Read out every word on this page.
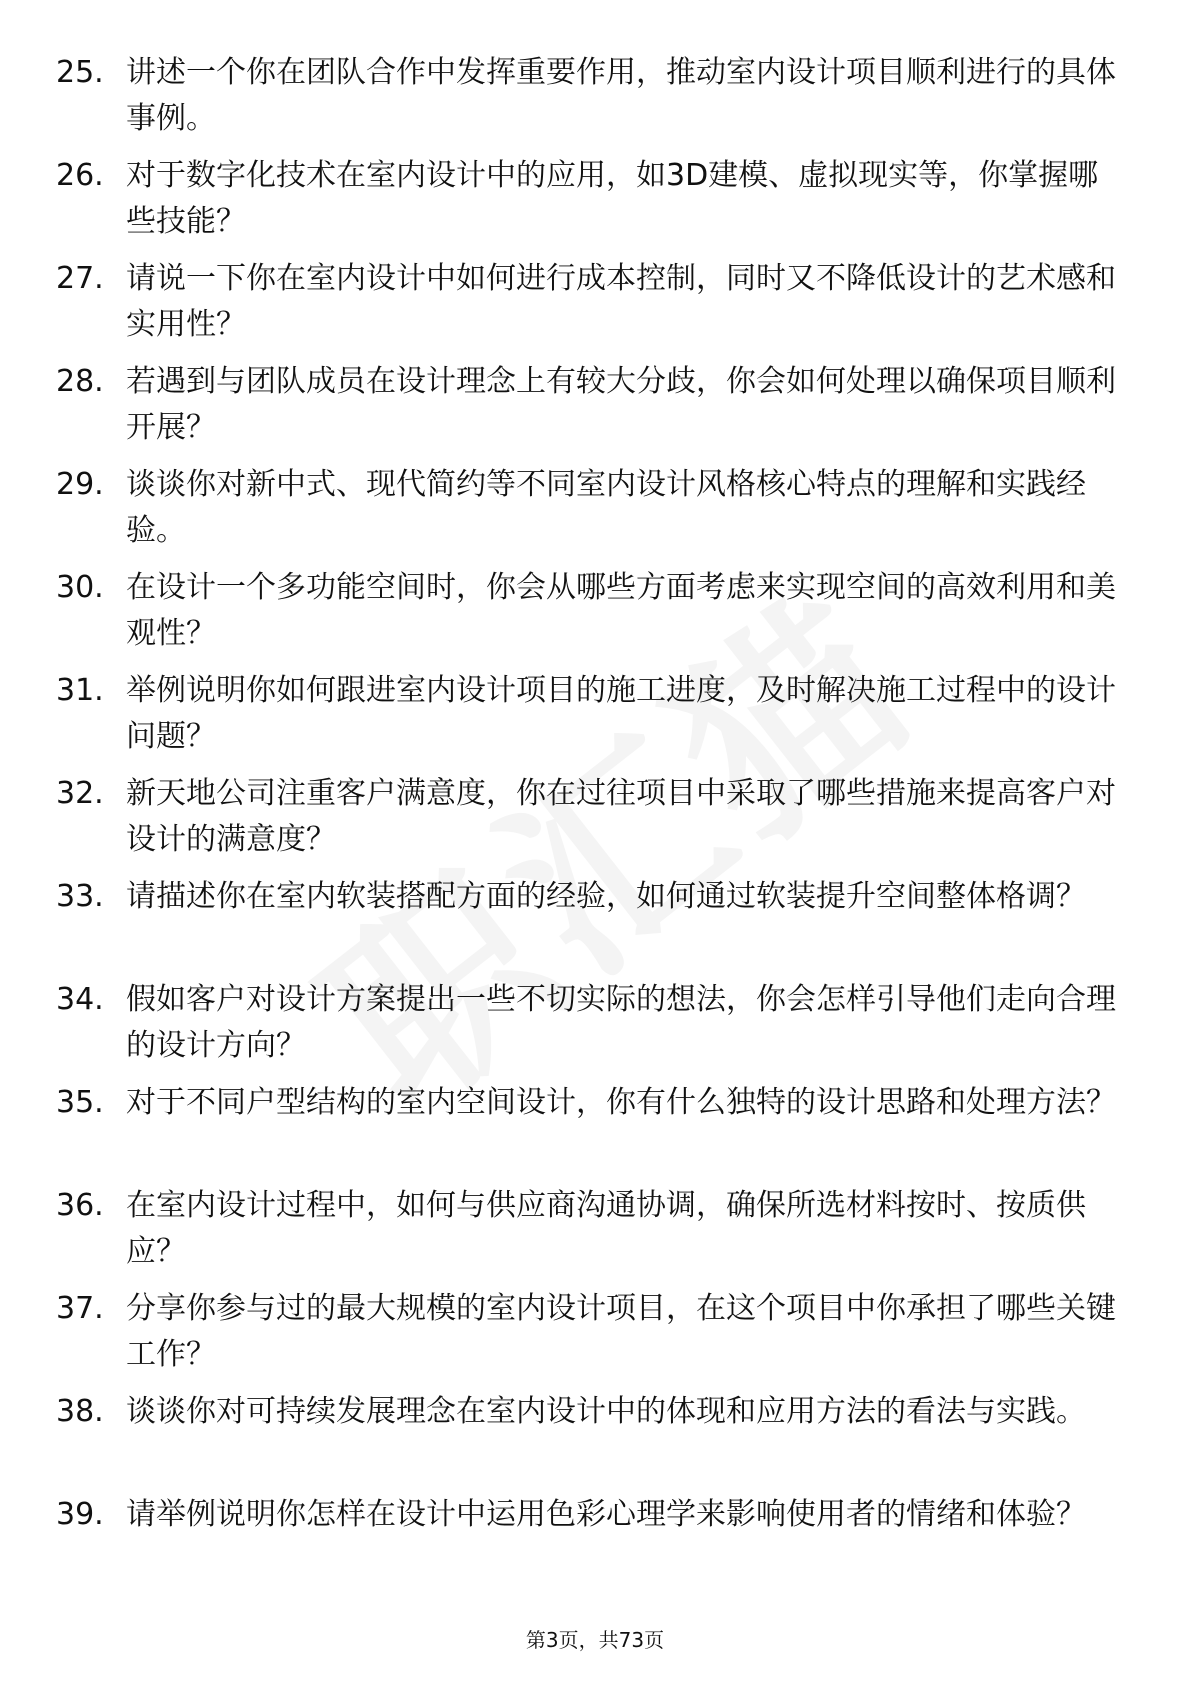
25. 讲述一个你在团队合作中发挥重要作用，推动室内设计项目顺利进行的具体事例。
26. 对于数字化技术在室内设计中的应用，如3D建模、虚拟现实等，你掌握哪些技能？
27. 请说一下你在室内设计中如何进行成本控制，同时又不降低设计的艺术感和实用性？
28. 若遇到与团队成员在设计理念上有较大分歧，你会如何处理以确保项目顺利开展？
29. 谈谈你对新中式、现代简约等不同室内设计风格核心特点的理解和实践经验。
30. 在设计一个多功能空间时，你会从哪些方面考虑来实现空间的高效利用和美观性？
31. 举例说明你如何跟进室内设计项目的施工进度，及时解决施工过程中的设计问题？
32. 新天地公司注重客户满意度，你在过往项目中采取了哪些措施来提高客户对设计的满意度？
33. 请描述你在室内软装搭配方面的经验，如何通过软装提升空间整体格调？
34. 假如客户对设计方案提出一些不切实际的想法，你会怎样引导他们走向合理的设计方向？
35. 对于不同户型结构的室内空间设计，你有什么独特的设计思路和处理方法？
36. 在室内设计过程中，如何与供应商沟通协调，确保所选材料按时、按质供应？
37. 分享你参与过的最大规模的室内设计项目，在这个项目中你承担了哪些关键工作？
38. 谈谈你对可持续发展理念在室内设计中的体现和应用方法的看法与实践。
39. 请举例说明你怎样在设计中运用色彩心理学来影响使用者的情绪和体验？
第3页，共73页
